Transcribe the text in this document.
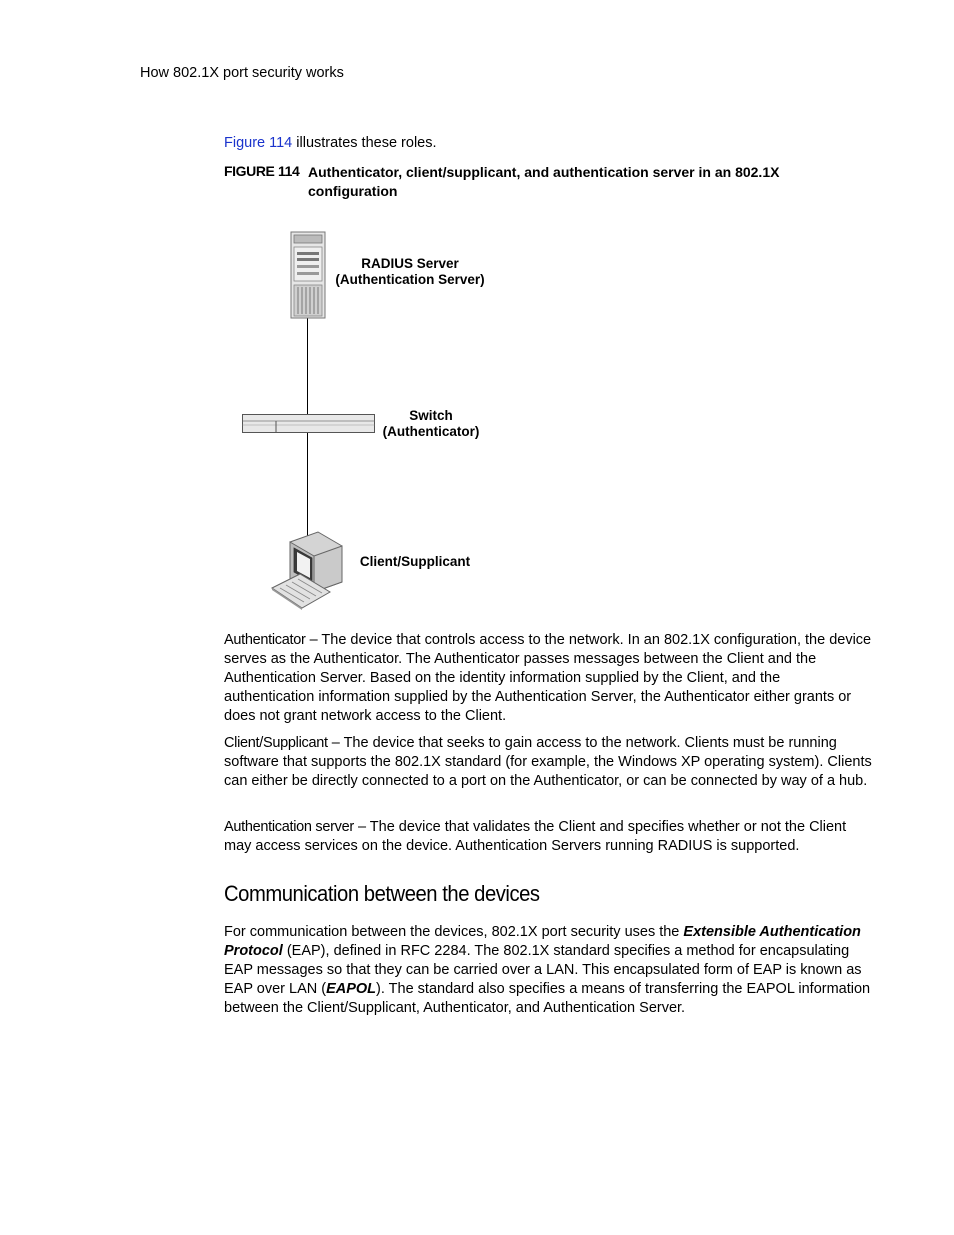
How 802.1X port security works
Figure 114 illustrates these roles.
FIGURE 114 Authenticator, client/supplicant, and authentication server in an 802.1X configuration
RADIUS Server
(Authentication Server)
Switch
(Authenticator)
Client/Supplicant
Authenticator – The device that controls access to the network. In an 802.1X configuration, the device serves as the Authenticator. The Authenticator passes messages between the Client and the Authentication Server. Based on the identity information supplied by the Client, and the authentication information supplied by the Authentication Server, the Authenticator either grants or does not grant network access to the Client.
Client/Supplicant – The device that seeks to gain access to the network. Clients must be running software that supports the 802.1X standard (for example, the Windows XP operating system). Clients can either be directly connected to a port on the Authenticator, or can be connected by way of a hub.
Authentication server – The device that validates the Client and specifies whether or not the Client may access services on the device. Authentication Servers running RADIUS is supported.
Communication between the devices
For communication between the devices, 802.1X port security uses the Extensible Authentication Protocol (EAP), defined in RFC 2284. The 802.1X standard specifies a method for encapsulating EAP messages so that they can be carried over a LAN. This encapsulated form of EAP is known as EAP over LAN (EAPOL). The standard also specifies a means of transferring the EAPOL information between the Client/Supplicant, Authenticator, and Authentication Server.
